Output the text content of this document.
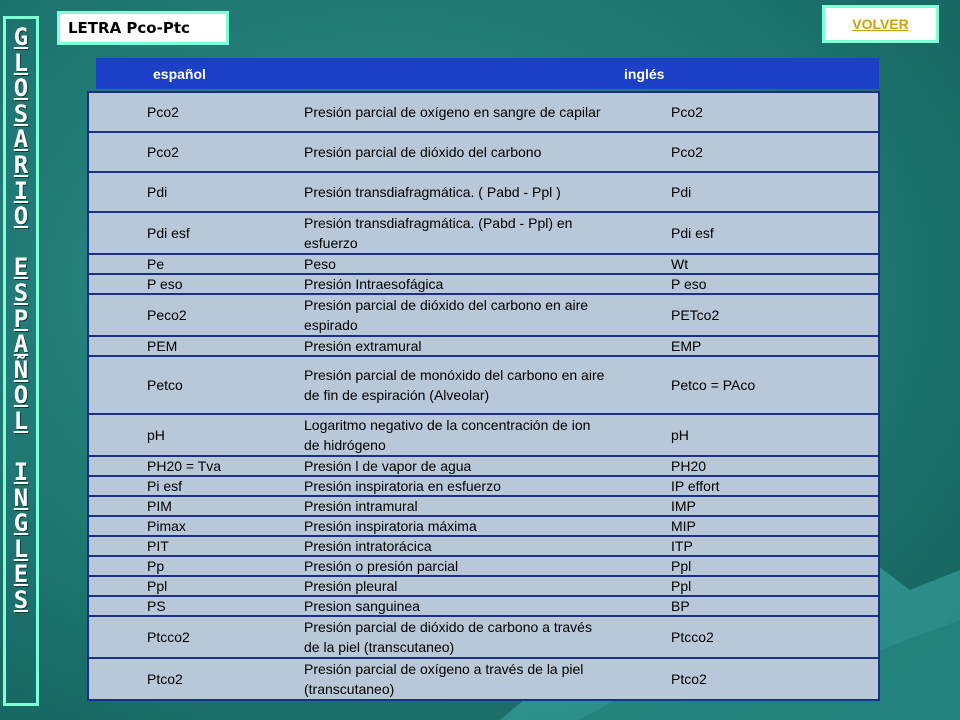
G
L
O
S
A
R
I
O
E
S
P
A
Ñ
O
L
I
N
G
L
E
S
LETRA Pco-Ptc	VOLVER
español	inglés
Pco2	Presión parcial de oxígeno en sangre de capilar	Pco2
Pco2	Presión parcial de dióxido del carbono	Pco2
Pdi	Presión transdiafragmática. ( Pabd - Ppl )	Pdi
Pdi esf	Presión transdiafragmática. (Pabd - Ppl) en esfuerzo	Pdi esf
Pe	Peso	Wt
P eso	Presión Intraesofágica	P eso
Peco2	Presión parcial de dióxido del carbono en aire espirado	PETco2
PEM	Presión extramural	EMP
Petco	Presión parcial de monóxido del carbono en aire de fin de espiración (Alveolar)	Petco = PAco
pH	Logaritmo negativo de la concentración de ion de hidrógeno	pH
PH20 = Tva	Presión l de vapor de agua	PH20
Pi esf	Presión inspiratoria en esfuerzo	IP effort
PIM	Presión intramural	IMP
Pimax	Presión inspiratoria máxima	MIP
PIT	Presión intratorácica	ITP
Pp	Presión o presión parcial	Ppl
Ppl	Presión pleural	Ppl
PS	Presion sanguinea	BP
Ptcco2	Presión parcial de dióxido de carbono a través de la piel (transcutaneo)	Ptcco2
Ptco2	Presión parcial de oxígeno a través de la piel (transcutaneo)	Ptco2
